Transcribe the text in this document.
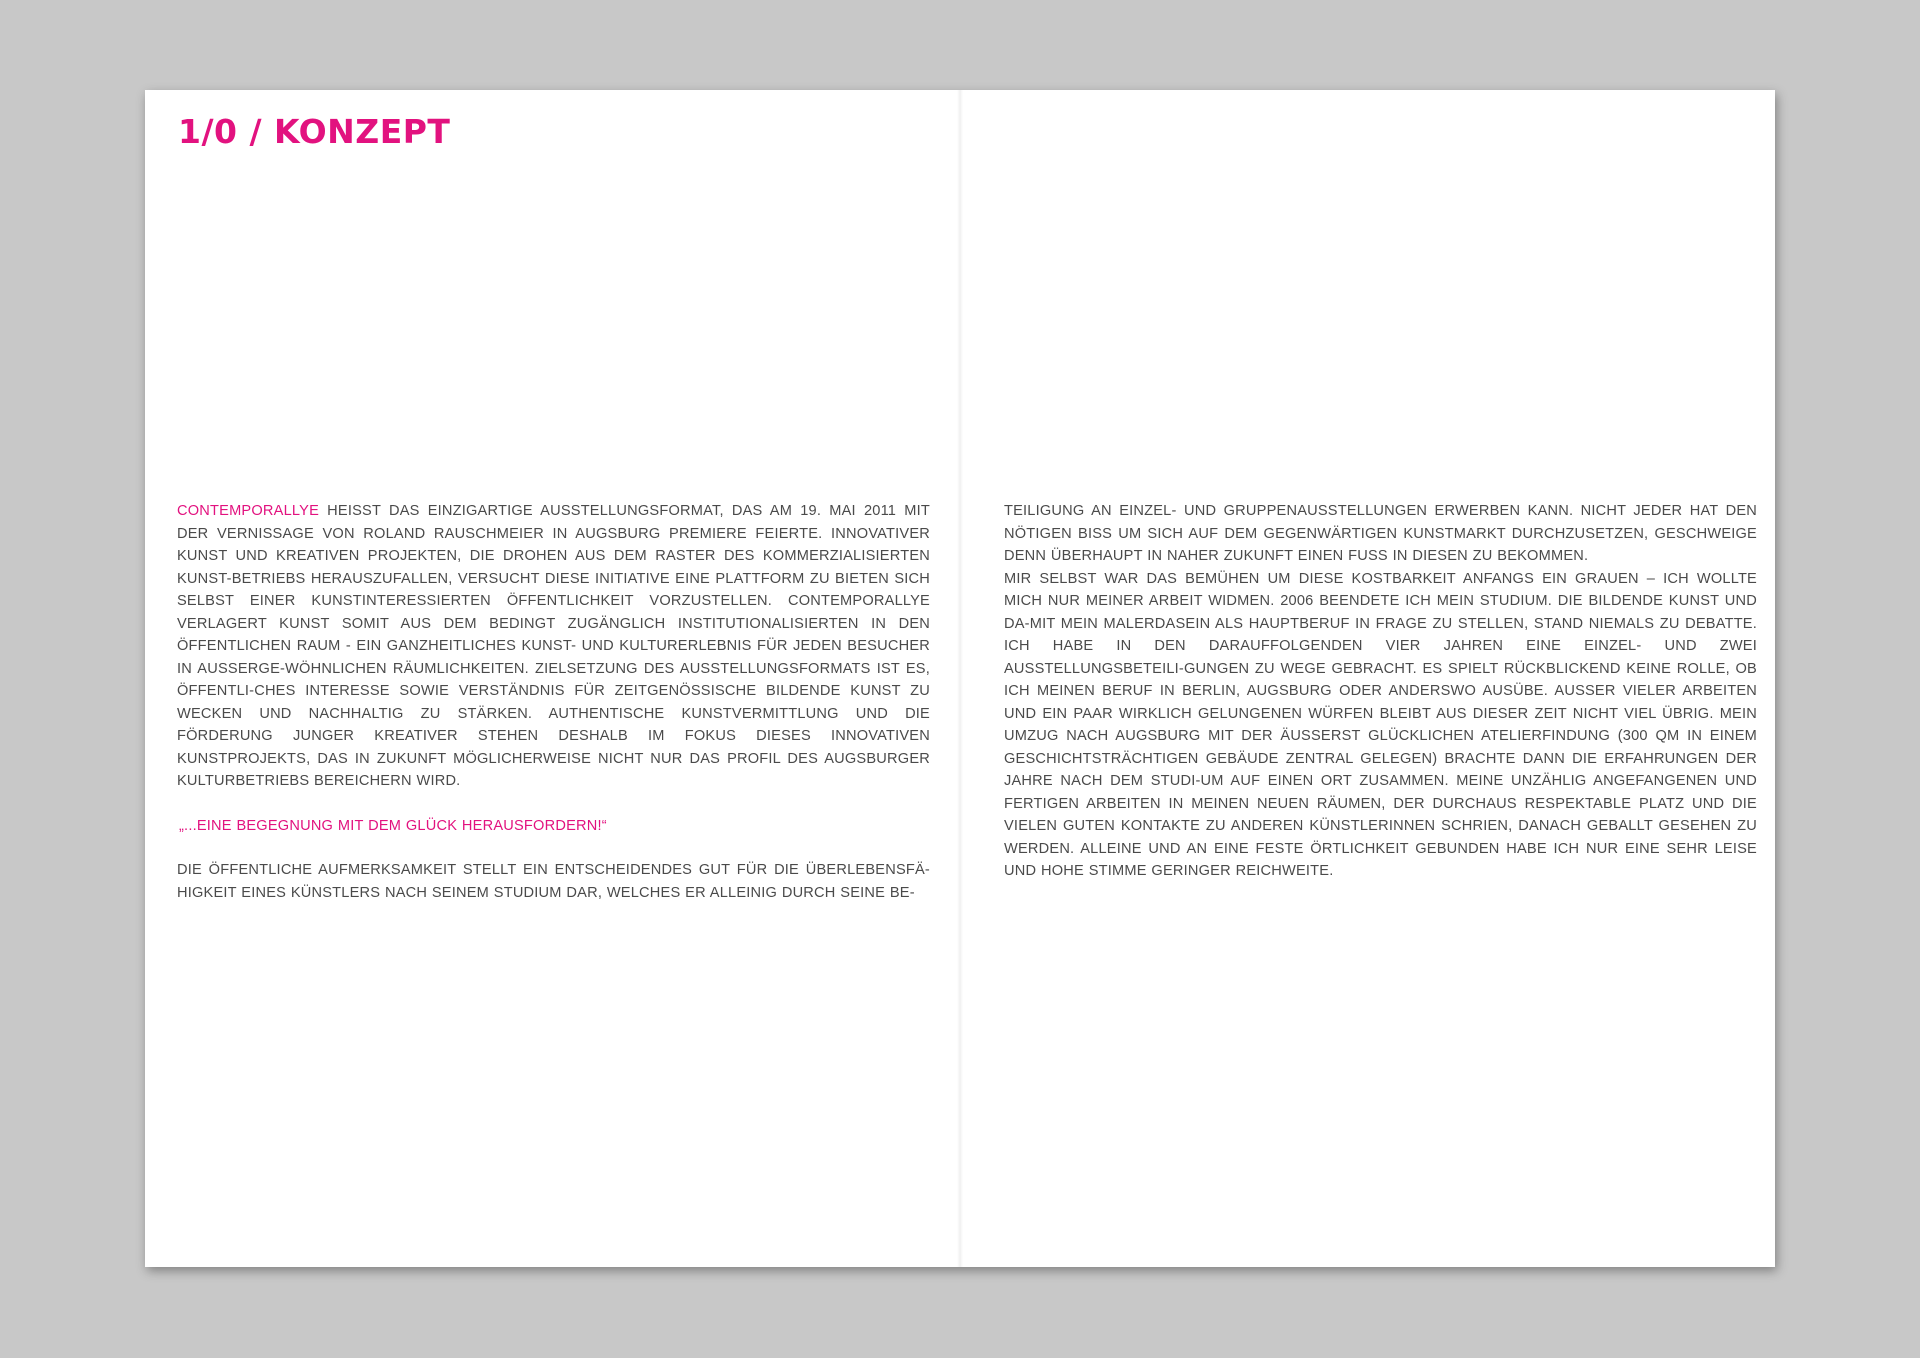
1/0 / KONZEPT

CONTEMPORALLYE HEISST DAS EINZIGARTIGE AUSSTELLUNGSFORMAT, DAS AM 19. MAI 2011 MIT DER VERNISSAGE VON ROLAND RAUSCHMEIER IN AUGSBURG PREMIERE FEIERTE. INNOVATIVER KUNST UND KREATIVEN PROJEKTEN, DIE DROHEN AUS DEM RASTER DES KOMMERZIALISIERTEN KUNST-BETRIEBS HERAUSZUFALLEN, VERSUCHT DIESE INITIATIVE EINE PLATTFORM ZU BIETEN SICH SELBST EINER KUNSTINTERESSIERTEN ÖFFENTLICHKEIT VORZUSTELLEN. CONTEMPORALLYE VERLAGERT KUNST SOMIT AUS DEM BEDINGT ZUGÄNGLICH INSTITUTIONALISIERTEN IN DEN ÖFFENTLICHEN RAUM - EIN GANZHEITLICHES KUNST- UND KULTURERLEBNIS FÜR JEDEN BESUCHER IN AUSSERGE-WÖHNLICHEN RÄUMLICHKEITEN. ZIELSETZUNG DES AUSSTELLUNGSFORMATS IST ES, ÖFFENTLI-CHES INTERESSE SOWIE VERSTÄNDNIS FÜR ZEITGENÖSSISCHE BILDENDE KUNST ZU WECKEN UND NACHHALTIG ZU STÄRKEN. AUTHENTISCHE KUNSTVERMITTLUNG UND DIE FÖRDERUNG JUNGER KREATIVER STEHEN DESHALB IM FOKUS DIESES INNOVATIVEN KUNSTPROJEKTS, DAS IN ZUKUNFT MÖGLICHERWEISE NICHT NUR DAS PROFIL DES AUGSBURGER KULTURBETRIEBS BEREICHERN WIRD.

„...EINE BEGEGNUNG MIT DEM GLÜCK HERAUSFORDERN!“

DIE ÖFFENTLICHE AUFMERKSAMKEIT STELLT EIN ENTSCHEIDENDES GUT FÜR DIE ÜBERLEBENSFÄ-HIGKEIT EINES KÜNSTLERS NACH SEINEM STUDIUM DAR, WELCHES ER ALLEINIG DURCH SEINE BE-

TEILIGUNG AN EINZEL- UND GRUPPENAUSSTELLUNGEN ERWERBEN KANN. NICHT JEDER HAT DEN NÖTIGEN BISS UM SICH AUF DEM GEGENWÄRTIGEN KUNSTMARKT DURCHZUSETZEN, GESCHWEIGE DENN ÜBERHAUPT IN NAHER ZUKUNFT EINEN FUSS IN DIESEN ZU BEKOMMEN.

MIR SELBST WAR DAS BEMÜHEN UM DIESE KOSTBARKEIT ANFANGS EIN GRAUEN – ICH WOLLTE MICH NUR MEINER ARBEIT WIDMEN. 2006 BEENDETE ICH MEIN STUDIUM. DIE BILDENDE KUNST UND DA-MIT MEIN MALERDASEIN ALS HAUPTBERUF IN FRAGE ZU STELLEN, STAND NIEMALS ZU DEBATTE. ICH HABE IN DEN DARAUFFOLGENDEN VIER JAHREN EINE EINZEL- UND ZWEI AUSSTELLUNGSBETEILI-GUNGEN ZU WEGE GEBRACHT. ES SPIELT RÜCKBLICKEND KEINE ROLLE, OB ICH MEINEN BERUF IN BERLIN, AUGSBURG ODER ANDERSWO AUSÜBE. AUSSER VIELER ARBEITEN UND EIN PAAR WIRKLICH GELUNGENEN WÜRFEN BLEIBT AUS DIESER ZEIT NICHT VIEL ÜBRIG. MEIN UMZUG NACH AUGSBURG MIT DER ÄUSSERST GLÜCKLICHEN ATELIERFINDUNG (300 QM IN EINEM GESCHICHTSTRÄCHTIGEN GEBÄUDE ZENTRAL GELEGEN) BRACHTE DANN DIE ERFAHRUNGEN DER JAHRE NACH DEM STUDI-UM AUF EINEN ORT ZUSAMMEN. MEINE UNZÄHLIG ANGEFANGENEN UND FERTIGEN ARBEITEN IN MEINEN NEUEN RÄUMEN, DER DURCHAUS RESPEKTABLE PLATZ UND DIE VIELEN GUTEN KONTAKTE ZU ANDEREN KÜNSTLERINNEN SCHRIEN, DANACH GEBALLT GESEHEN ZU WERDEN. ALLEINE UND AN EINE FESTE ÖRTLICHKEIT GEBUNDEN HABE ICH NUR EINE SEHR LEISE UND HOHE STIMME GERINGER REICHWEITE.
